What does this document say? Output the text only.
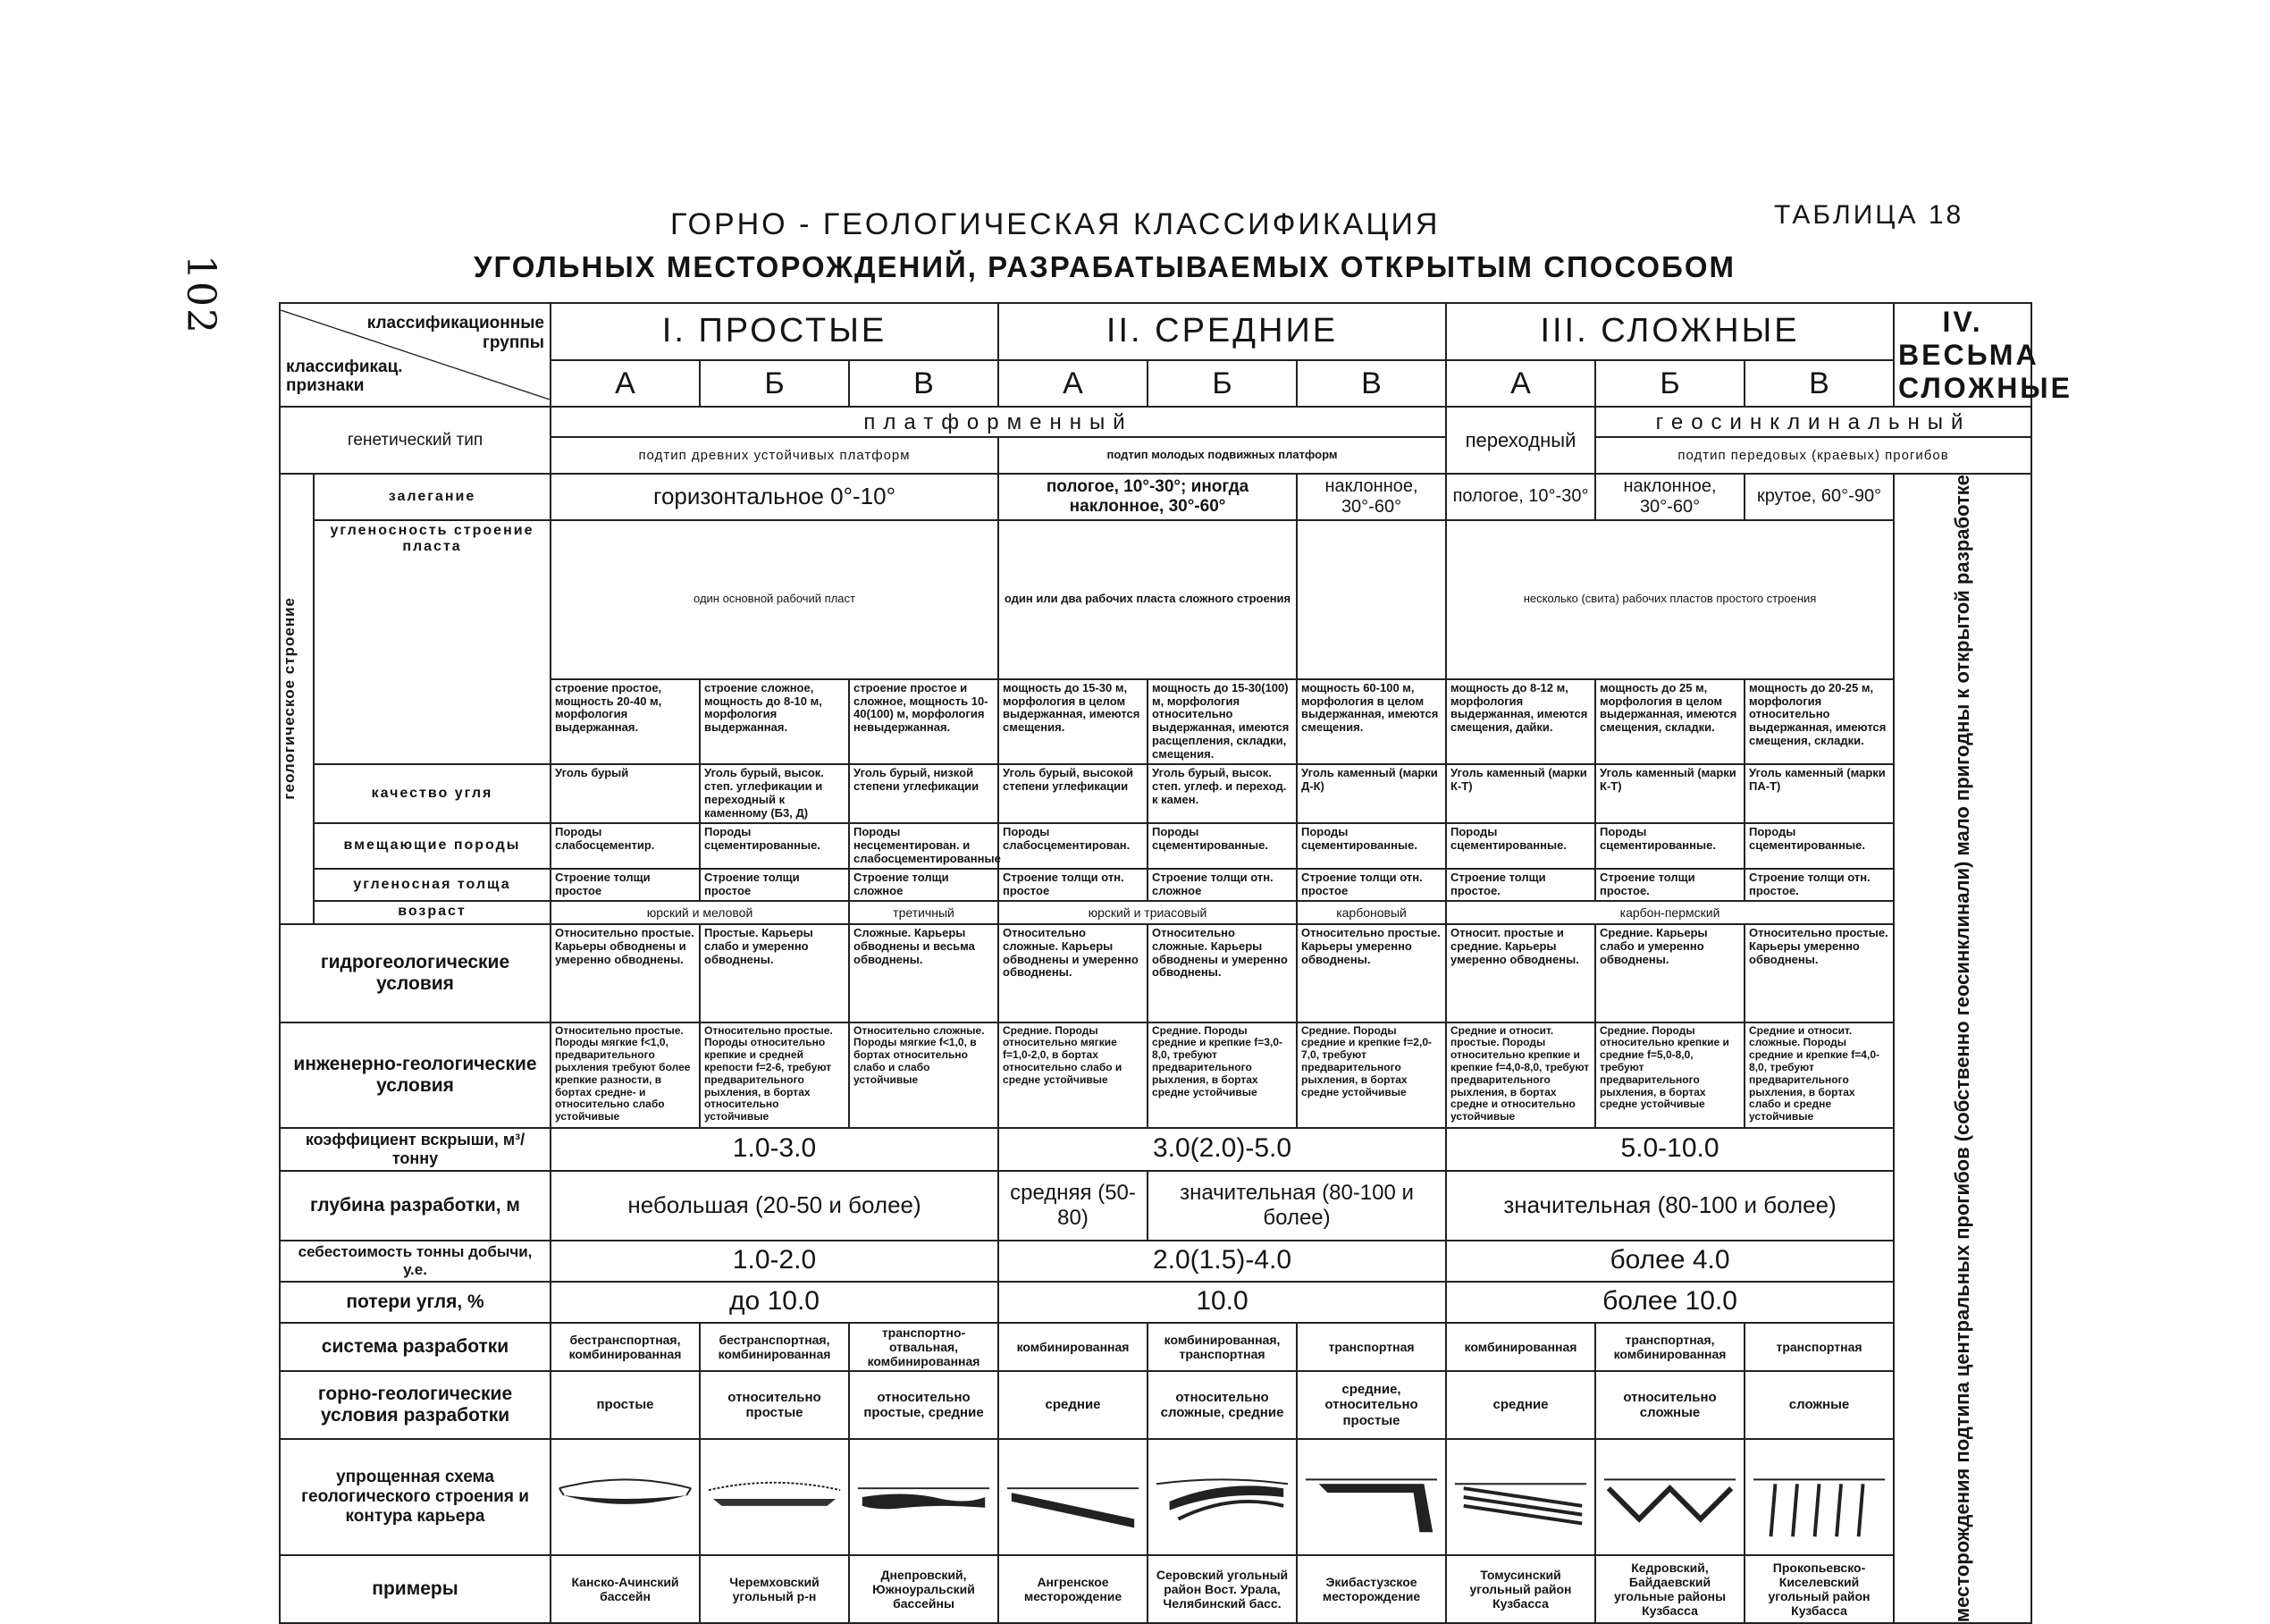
102
ГОРНО - ГЕОЛОГИЧЕСКАЯ КЛАССИФИКАЦИЯ
УГОЛЬНЫХ МЕСТОРОЖДЕНИЙ, РАЗРАБАТЫВАЕМЫХ ОТКРЫТЫМ СПОСОБОМ
ТАБЛИЦА 18
классификационные группы
классификац. признаки		I. ПРОСТЫЕ			II. СРЕДНИЕ			III. СЛОЖНЫЕ			IV. ВЕСЬМА СЛОЖНЫЕ	
		А	Б	В	А	Б	В	А	Б	В		
генетический тип		платформенный						переходный	геосинклинальный			
		подтип древних устойчивых платформ			подтип молодых подвижных платформ				подтип передовых (краевых) прогибов	

геологическое строение	залегание	горизонтальное 0°-10°			пологое, 10°-30°; иногда наклонное, 30°-60°		наклонное, 30°-60°	пологое, 10°-30°	наклонное, 30°-60°	крутое, 60°-90°	месторождения подтипа центральных прогибов (собственно геосинклинали) мало пригодны к открытой разработке	

	угленосность строение пласта	один основной рабочий пласт			один или два рабочих пласта сложного строения			несколько (свита) рабочих пластов простого строения				
		строение простое, мощность 20-40 м, морфология выдержанная.	строение сложное, мощность до 8-10 м, морфология выдержанная.	строение простое и сложное, мощность 10-40(100) м, морфология невыдержанная.	мощность до 15-30 м, морфология в целом выдержанная, имеются смещения.	мощность до 15-30(100) м, морфология относительно выдержанная, имеются расщепления, складки, смещения.	мощность 60-100 м, морфология в целом выдержанная, имеются смещения.	мощность до 8-12 м, морфология выдержанная, имеются смещения, дайки.	мощность до 25 м, морфология в целом выдержанная, имеются смещения, складки.	мощность до 20-25 м, морфология относительно выдержанная, имеются смещения, складки.		
	качество угля	Уголь бурый	Уголь бурый, высок. степ. углефикации и переходный к каменному (Б3, Д)	Уголь бурый, низкой степени углефикации	Уголь бурый, высокой степени углефикации	Уголь бурый, высок. степ. углеф. и переход. к камен.	Уголь каменный (марки Д-К)	Уголь каменный (марки К-Т)	Уголь каменный (марки К-Т)	Уголь каменный (марки ПА-Т)		
	вмещающие породы	Породы слабосцементир.	Породы сцементированные.	Породы несцементирован. и слабосцементированные	Породы слабосцементирован.	Породы сцементированные.	Породы сцементированные.	Породы сцементированные.	Породы сцементированные.	Породы сцементированные.		
	угленосная толща	Строение толщи простое	Строение толщи простое	Строение толщи сложное	Строение толщи отн. простое	Строение толщи отн. сложное	Строение толщи отн. простое	Строение толщи простое.	Строение толщи простое.	Строение толщи отн. простое.		
	возраст	юрский и меловой		третичный	юрский и триасовый		карбоновый	карбон-пермский				
гидрогеологические условия		Относительно простые. Карьеры обводнены и умеренно обводнены.	Простые. Карьеры слабо и умеренно обводнены.	Сложные. Карьеры обводнены и весьма обводнены.	Относительно сложные. Карьеры обводнены и умеренно обводнены.	Относительно сложные. Карьеры обводнены и умеренно обводнены.	Относительно простые. Карьеры умеренно обводнены.	Относит. простые и средние. Карьеры умеренно обводнены.	Средние. Карьеры слабо и умеренно обводнены.	Относительно простые. Карьеры умеренно обводнены.		
инженерно-геологические условия		Относительно простые. Породы мягкие f<1,0, предварительного рыхления требуют более крепкие разности, в бортах средне- и относительно слабо устойчивые	Относительно простые. Породы относительно крепкие и средней крепости f=2-6, требуют предварительного рыхления, в бортах относительно устойчивые	Относительно сложные. Породы мягкие f<1,0, в бортах относительно слабо и слабо устойчивые	Средние. Породы относительно мягкие f=1,0-2,0, в бортах относительно слабо и средне устойчивые	Средние. Породы средние и крепкие f=3,0-8,0, требуют предварительного рыхления, в бортах средне устойчивые	Средние. Породы средние и крепкие f=2,0-7,0, требуют предварительного рыхления, в бортах средне устойчивые	Средние и относит. простые. Породы относительно крепкие и крепкие f=4,0-8,0, требуют предварительного рыхления, в бортах средне и относительно устойчивые	Средние. Породы относительно крепкие и средние f=5,0-8,0, требуют предварительного рыхления, в бортах средне устойчивые	Средние и относит. сложные. Породы средние и крепкие f=4,0-8,0, требуют предварительного рыхления, в бортах слабо и средне устойчивые		
коэффициент вскрыши, м³/тонну		1.0-3.0			3.0(2.0)-5.0			5.0-10.0				
глубина разработки, м		небольшая (20-50 и более)			средняя (50-80)	значительная (80-100 и более)		значительная (80-100 и более)				
себестоимость тонны добычи, у.е.		1.0-2.0			2.0(1.5)-4.0			более 4.0				
потери угля, %		до 10.0			10.0			более 10.0				
система разработки		бестранспортная, комбинированная	бестранспортная, комбинированная	транспортно-отвальная, комбинированная	комбинированная	комбинированная, транспортная	транспортная	комбинированная	транспортная, комбинированная	транспортная		
горно-геологические условия разработки		простые	относительно простые	относительно простые, средние	средние	относительно сложные, средние	средние, относительно простые	средние	относительно сложные	сложные		
упрощенная схема геологического строения и контура карьера	

примеры		Канско-Ачинский бассейн	Черемховский угольный р-н	Днепровский, Южноуральский бассейны	Ангренское месторождение	Серовский угольный район Вост. Урала, Челябинский басс.	Экибастузское месторождение	Томусинский угольный район Кузбасса	Кедровский, Байдаевский угольные районы Кузбасса	Прокопьевско-Киселевский угольный район Кузбасса		
